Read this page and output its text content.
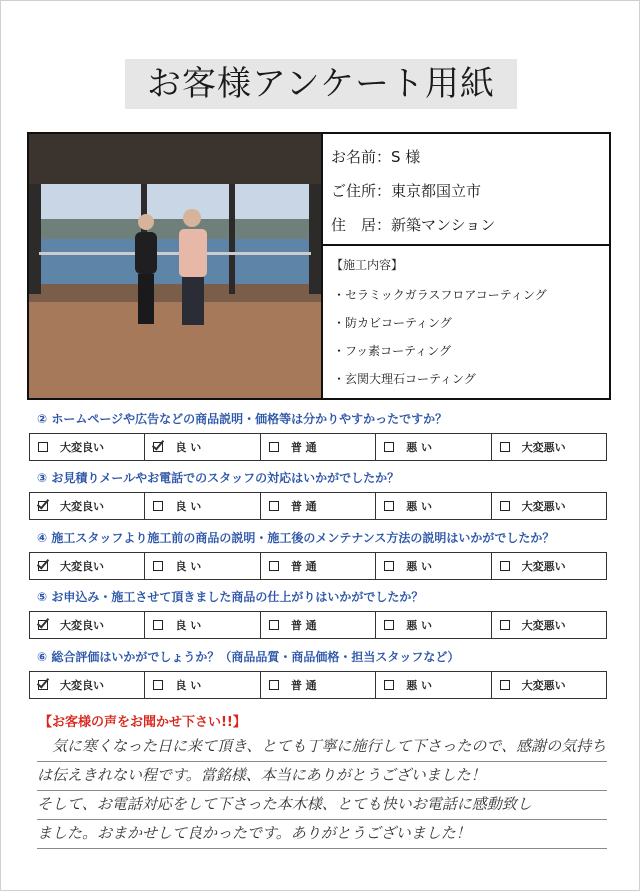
お客様アンケート用紙
お名前：S 様
ご住所：東京都国立市
住　居：新築マンション
【施工内容】
・セラミックガラスフロアコーティング
・防カビコーティング
・フッ素コーティング
・玄関大理石コーティング
② ホームページや広告などの商品説明・価格等は分かりやすかったですか？
大変良い	良 い	普 通	悪 い	大変悪い
③ お見積りメールやお電話でのスタッフの対応はいかがでしたか？
大変良い	良 い	普 通	悪 い	大変悪い
④ 施工スタッフより施工前の商品の説明・施工後のメンテナンス方法の説明はいかがでしたか？
大変良い	良 い	普 通	悪 い	大変悪い
⑤ お申込み・施工させて頂きました商品の仕上がりはいかがでしたか？
大変良い	良 い	普 通	悪 い	大変悪い
⑥ 総合評価はいかがでしょうか？（商品品質・商品価格・担当スタッフなど）
大変良い	良 い	普 通	悪 い	大変悪い
【お客様の声をお聞かせ下さい!!】
　気に寒くなった日に来て頂き、とても丁寧に施行して下さったので、感謝の気持ち
は伝えきれない程です。當銘様、本当にありがとうございました！
そして、お電話対応をして下さった本木様、とても快いお電話に感動致し
ました。おまかせして良かったです。ありがとうございました！
